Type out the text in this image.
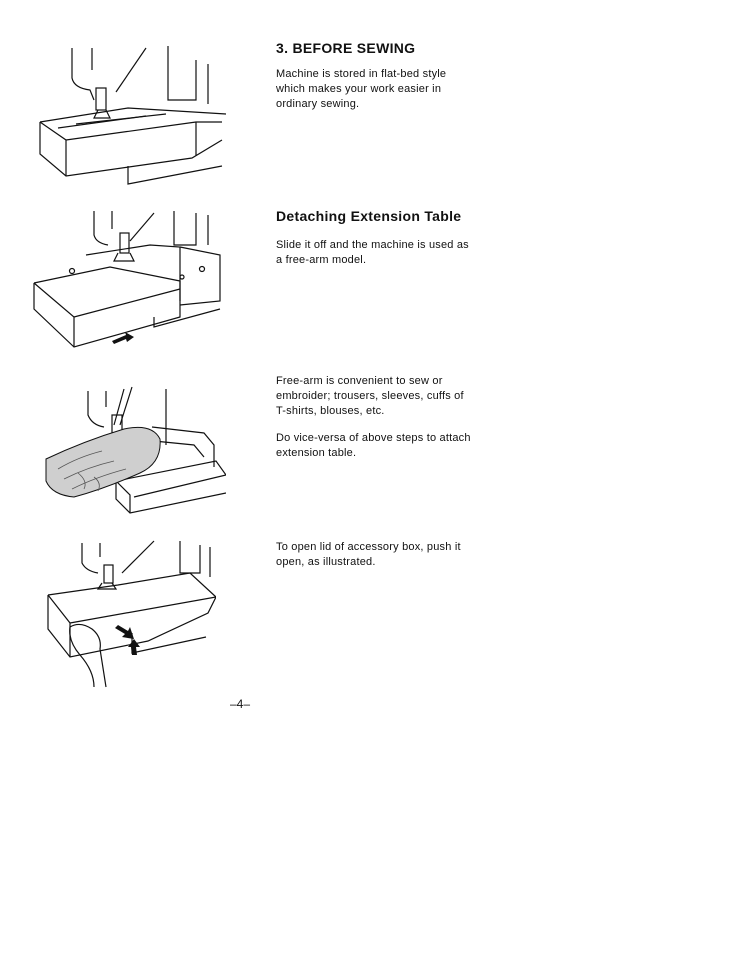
3. BEFORE SEWING

Machine is stored in flat-bed style which makes your work easier in ordinary sewing.

Detaching Extension Table

Slide it off and the machine is used as a free-arm model.

Free-arm is convenient to sew or embroider; trousers, sleeves, cuffs of T-shirts, blouses, etc.

Do vice-versa of above steps to attach extension table.

To open lid of accessory box, push it open, as illustrated.

–4–
